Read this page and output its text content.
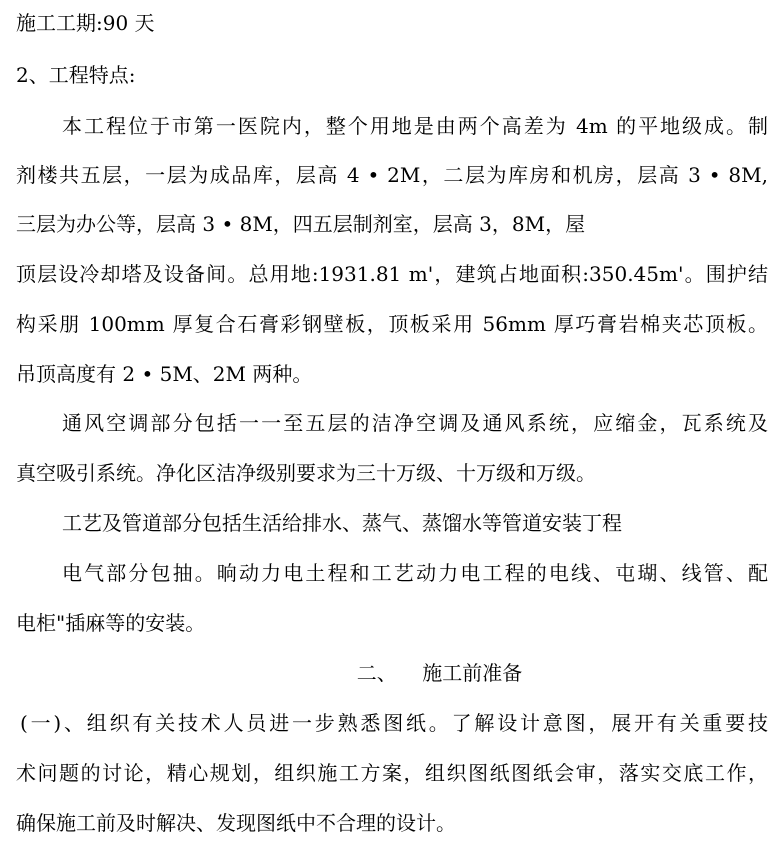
施工工期:90 天
2、工程特点:
本工程位于市第一医院内，整个用地是由两个高差为 4m 的平地级成。制
剂楼共五层，一层为成品库，层高 4 • 2M，二层为库房和机房，层高 3 • 8M,
三层为办公等，层高 3 • 8M，四五层制剂室，层高 3，8M，屋
顶层设冷却塔及设备间。总用地:1931.81 m'，建筑占地面积:350.45m'。围护结
构采朋 100mm 厚复合石膏彩钢壁板，顶板采用 56mm 厚巧膏岩棉夹芯顶板。
吊顶高度有 2 • 5M、2M 两种。
通风空调部分包括一一至五层的洁净空调及通风系统，应缩金，瓦系统及
真空吸引系统。净化区洁净级别要求为三十万级、十万级和万级。
工艺及管道部分包括生活给排水、蒸气、蒸馏水等管道安装丁程
电气部分包抽。晌动力电土程和工艺动力电工程的电线、屯瑚、线管、配
电柜"插麻等的安装。
二、    施工前准备
(一)、组织有关技术人员进一步熟悉图纸。了解设计意图，展开有关重要技
术问题的讨论，精心规划，组织施工方案，组织图纸图纸会审，落实交底工作，
确保施工前及时解决、发现图纸中不合理的设计。
